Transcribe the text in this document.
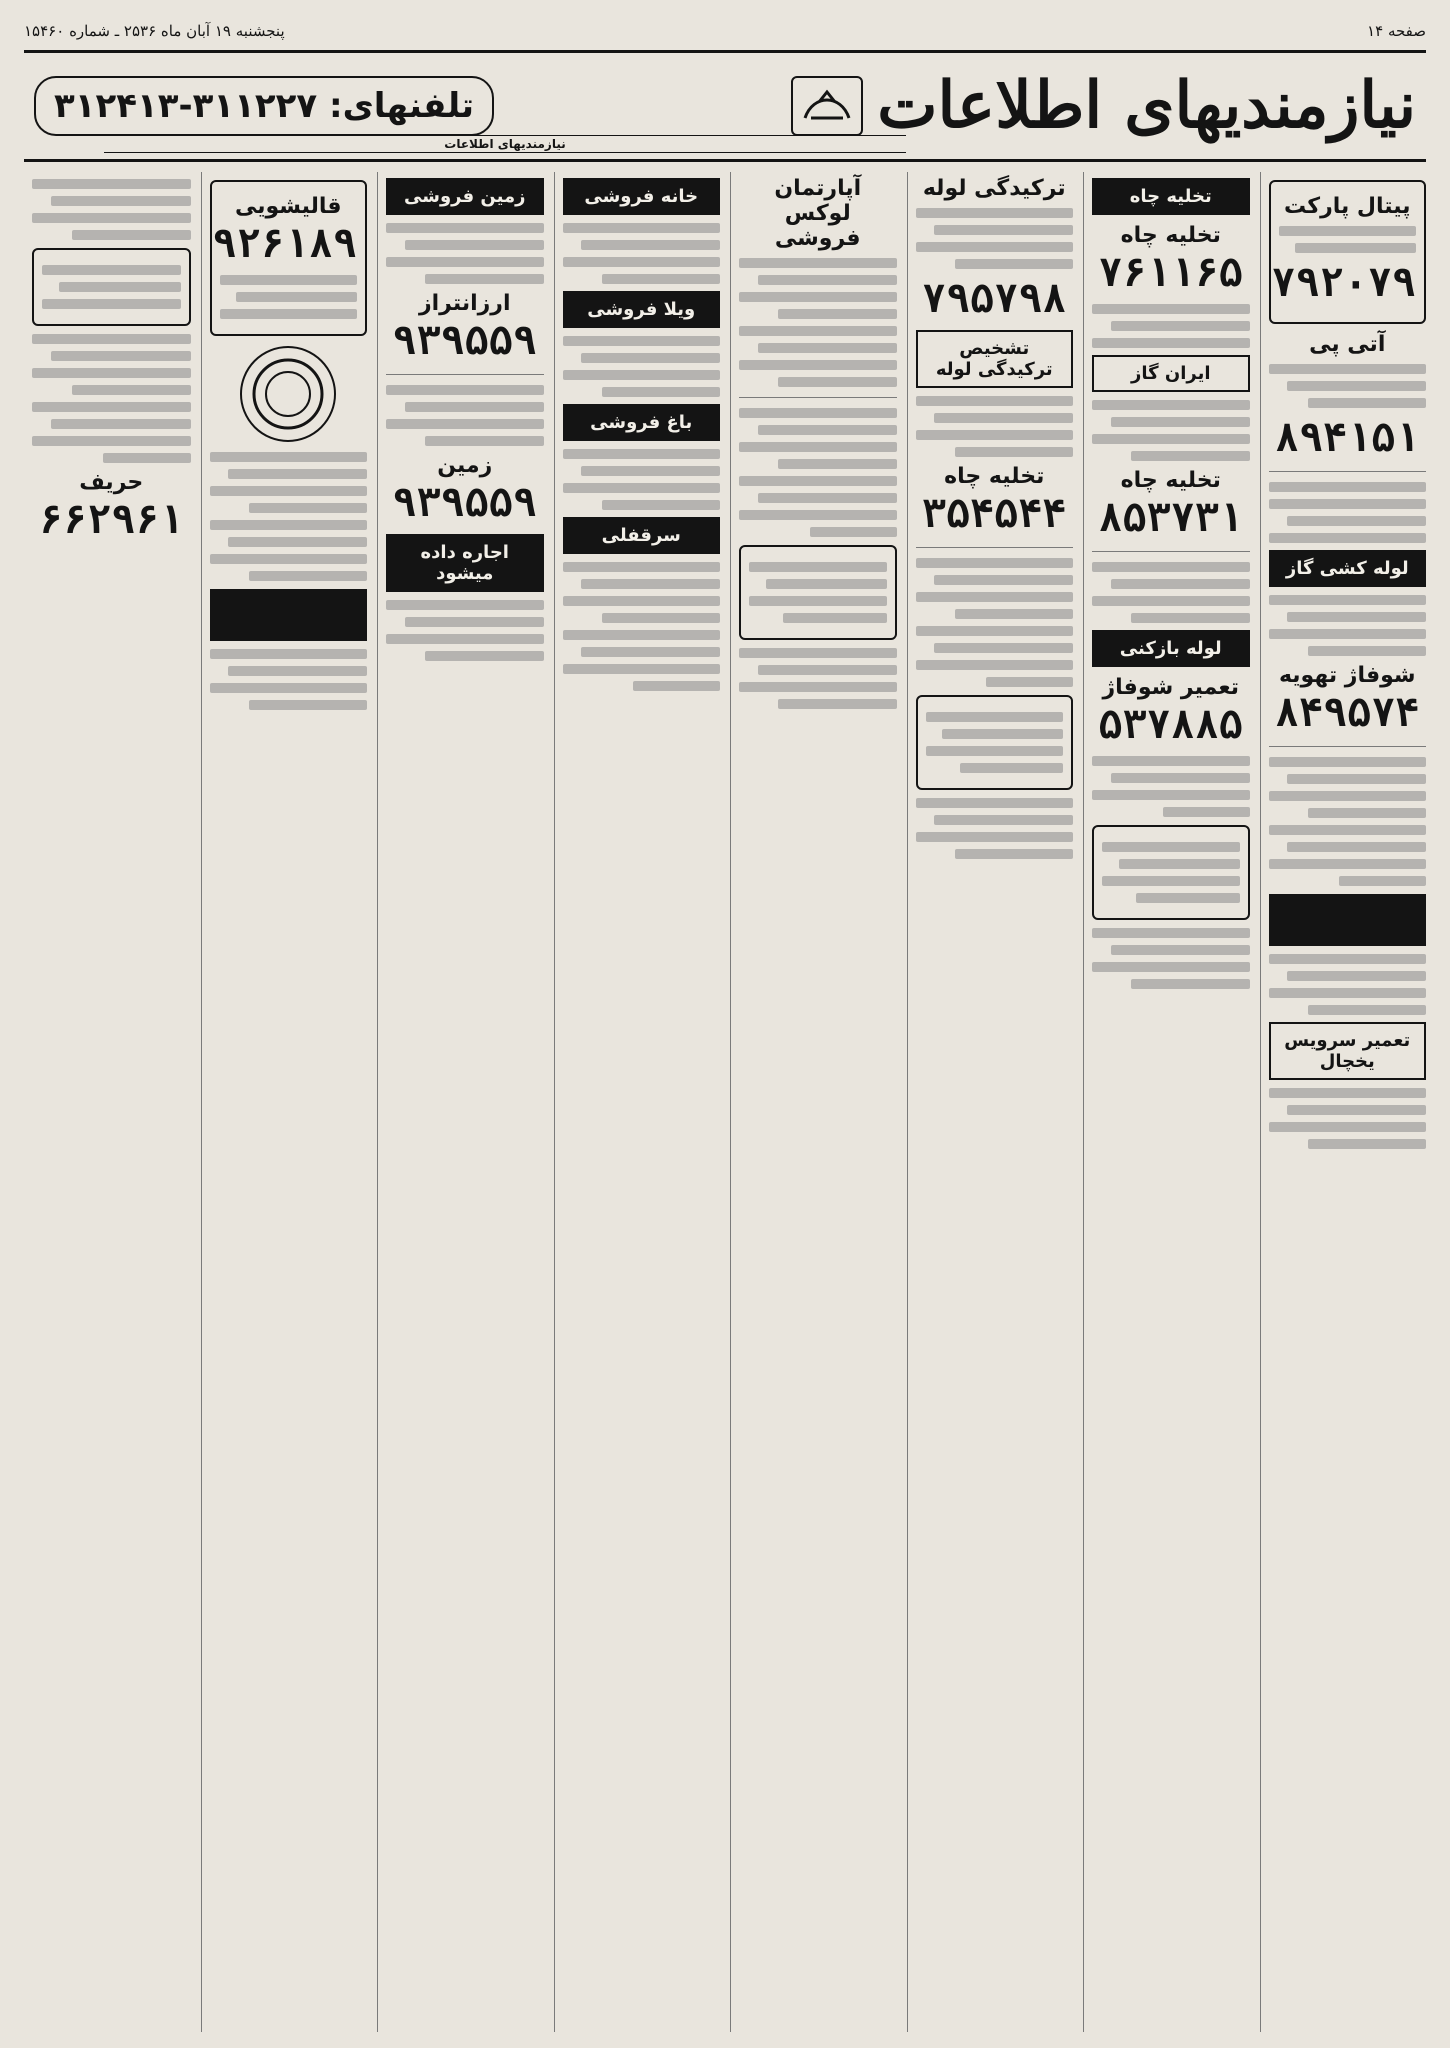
صفحه ۱۴
پنجشنبه ۱۹ آبان ماه ۲۵۳۶ ـ شماره ۱۵۴۶۰
نیازمندیهای اطلاعات
تلفنهای: ۳۱۱۲۲۷-۳۱۲۴۱۳
نیازمندیهای اطلاعات
پیتال پارکت
۷۹۲۰۷۹
آتی پی
۸۹۴۱۵۱
لوله کشی گاز
شوفاژ تهویه
۸۴۹۵۷۴
تعمیر سرویس یخچال
تخلیه چاه
تخلیه چاه
۷۶۱۱۶۵
ایران گاز
تخلیه چاه
۸۵۳۷۳۱
لوله بازکنی
تعمیر شوفاژ
۵۳۷۸۸۵
ترکیدگی لوله
۷۹۵۷۹۸
تشخیص ترکیدگی لوله
تخلیه چاه
۳۵۴۵۴۴
آپارتمان لوکس فروشی
خانه فروشی
ویلا فروشی
باغ فروشی
سرقفلی
زمین فروشی
ارزانتراز
۹۳۹۵۵۹
زمین
۹۳۹۵۵۹
اجاره داده میشود
قالیشویی
۹۲۶۱۸۹
حریف
۶۶۲۹۶۱
